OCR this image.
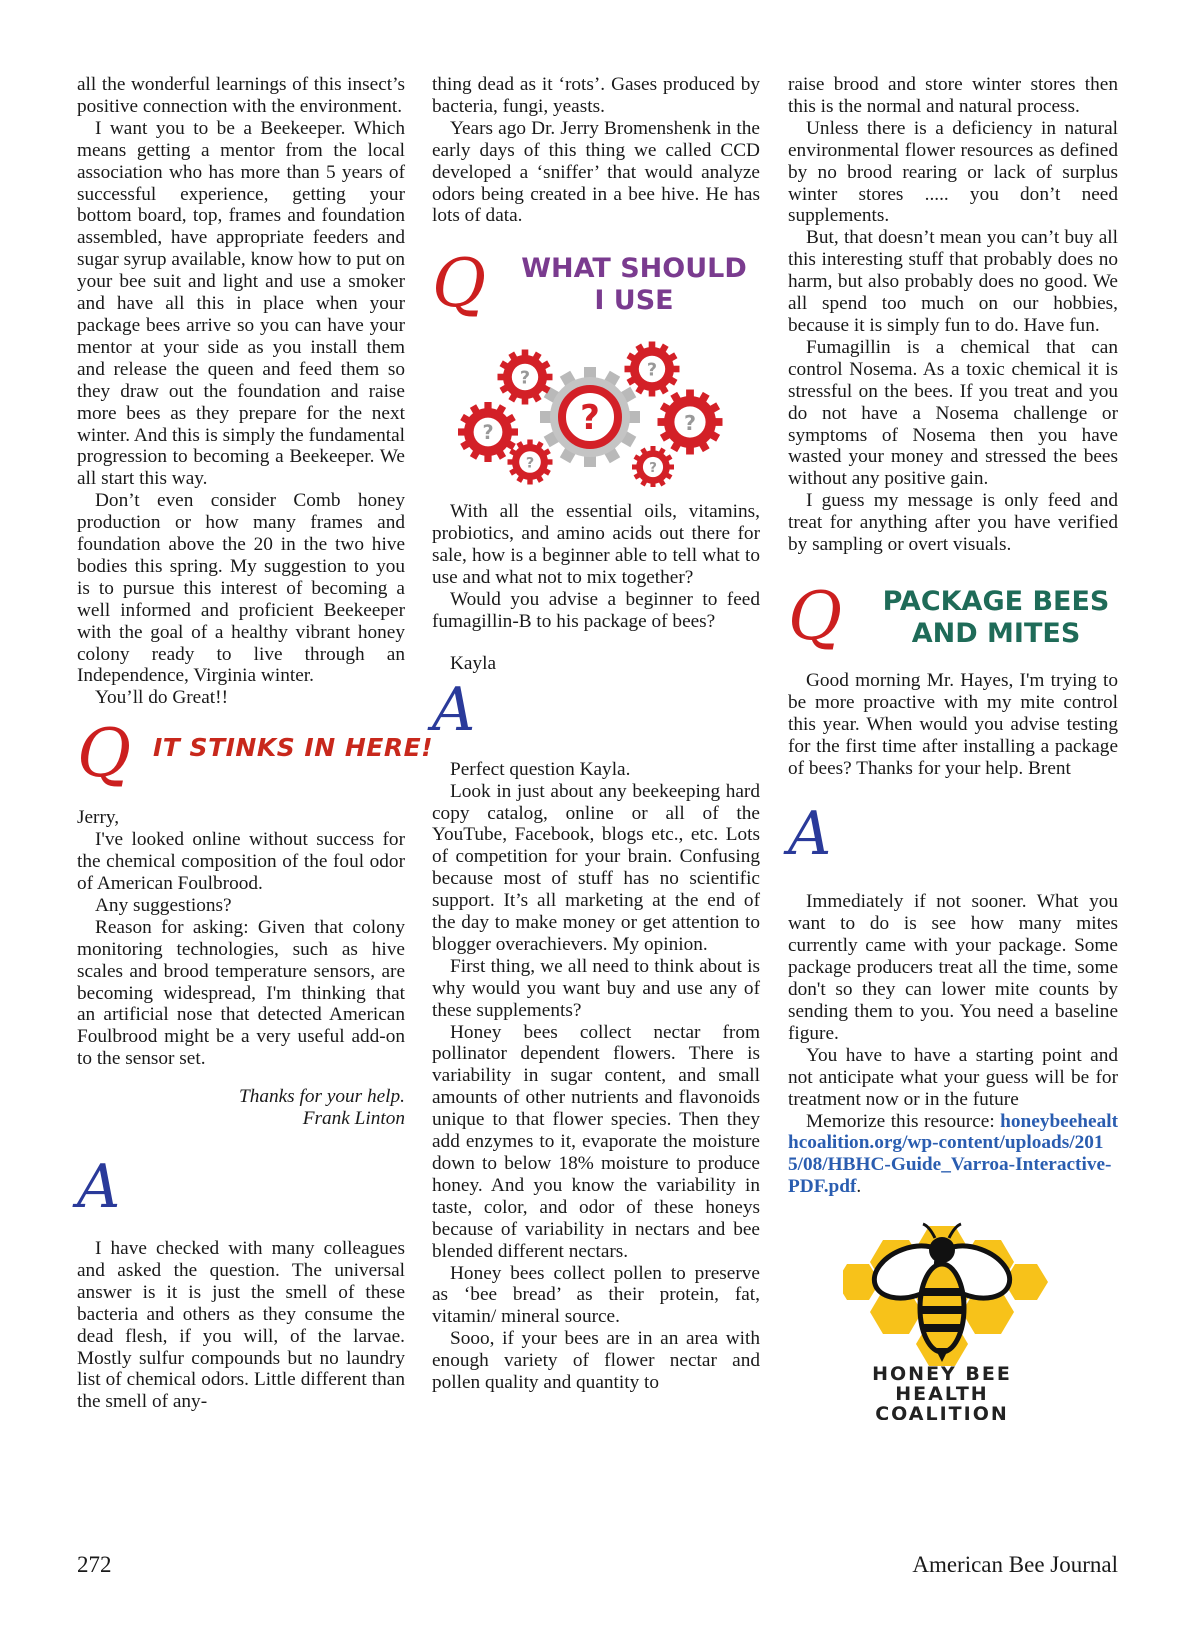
all the wonderful learnings of this insect’s positive connection with the environment.

I want you to be a Beekeeper. Which means getting a mentor from the local association who has more than 5 years of successful experience, getting your bottom board, top, frames and foundation assembled, have appropriate feeders and sugar syrup available, know how to put on your bee suit and light and use a smoker and have all this in place when your package bees arrive so you can have your mentor at your side as you install them and release the queen and feed them so they draw out the foundation and raise more bees as they prepare for the next winter. And this is simply the fundamental progression to becoming a Beekeeper. We all start this way.

Don’t even consider Comb honey production or how many frames and foundation above the 20 in the two hive bodies this spring. My suggestion to you is to pursue this interest of becoming a well informed and proficient Beekeeper with the goal of a healthy vibrant honey colony ready to live through an Independence, Virginia winter.

You’ll do Great!!

Q IT STINKS IN HERE!

Jerry,

I've looked online without success for the chemical composition of the foul odor of American Foulbrood.

Any suggestions?

Reason for asking: Given that colony monitoring technologies, such as hive scales and brood temperature sensors, are becoming widespread, I'm thinking that an artificial nose that detected American Foulbrood might be a very useful add-on to the sensor set.

Thanks for your help.
Frank Linton

A

I have checked with many colleagues and asked the question. The universal answer is it is just the smell of these bacteria and others as they consume the dead flesh, if you will, of the larvae. Mostly sulfur compounds but no laundry list of chemical odors. Little different than the smell of any-

thing dead as it ‘rots’. Gases produced by bacteria, fungi, yeasts.

Years ago Dr. Jerry Bromenshenk in the early days of this thing we called CCD developed a ‘sniffer’ that would analyze odors being created in a bee hive. He has lots of data.

Q	WHAT SHOULD
I USE
?
?
?
?
?
?
?

With all the essential oils, vitamins, probiotics, and amino acids out there for sale, how is a beginner able to tell what to use and what not to mix together?

Would you advise a beginner to feed fumagillin-B to his package of bees?

Kayla

A

Perfect question Kayla.

Look in just about any beekeeping hard copy catalog, online or all of the YouTube, Facebook, blogs etc., etc. Lots of competition for your brain. Confusing because most of stuff has no scientific support. It’s all marketing at the end of the day to make money or get attention to blogger overachievers. My opinion.

First thing, we all need to think about is why would you want buy and use any of these supplements?

Honey bees collect nectar from pollinator dependent flowers. There is variability in sugar content, and small amounts of other nutrients and flavonoids unique to that flower species. Then they add enzymes to it, evaporate the moisture down to below 18% moisture to produce honey. And you know the variability in taste, color, and odor of these honeys because of variability in nectars and bee blended different nectars.

Honey bees collect pollen to preserve as ‘bee bread’ as their protein, fat, vitamin/ mineral source.

Sooo, if your bees are in an area with enough variety of flower nectar and pollen quality and quantity to

raise brood and store winter stores then this is the normal and natural process.

Unless there is a deficiency in natural environmental flower resources as defined by no brood rearing or lack of surplus winter stores ..... you don’t need supplements.

But, that doesn’t mean you can’t buy all this interesting stuff that probably does no harm, but also probably does no good. We all spend too much on our hobbies, because it is simply fun to do. Have fun.

Fumagillin is a chemical that can control Nosema. As a toxic chemical it is stressful on the bees. If you treat and you do not have a Nosema challenge or symptoms of Nosema then you have wasted your money and stressed the bees without any positive gain.

I guess my message is only feed and treat for anything after you have verified by sampling or overt visuals.

Q	PACKAGE BEES
AND MITES

Good morning Mr. Hayes, I'm trying to be more proactive with my mite control this year. When would you advise testing for the first time after installing a package of bees? Thanks for your help. Brent

A

Immediately if not sooner. What you want to do is see how many mites currently came with your package. Some package producers treat all the time, some don't so they can lower mite counts by sending them to you. You need a baseline figure.

You have to have a starting point and not anticipate what your guess will be for treatment now or in the future

Memorize this resource: honeybeehealthcoalition.org/wp-content/uploads/2015/08/HBHC-Guide_Varroa-Interactive-PDF.pdf.

HONEY BEE
HEALTH
COALITION
272	American Bee Journal
